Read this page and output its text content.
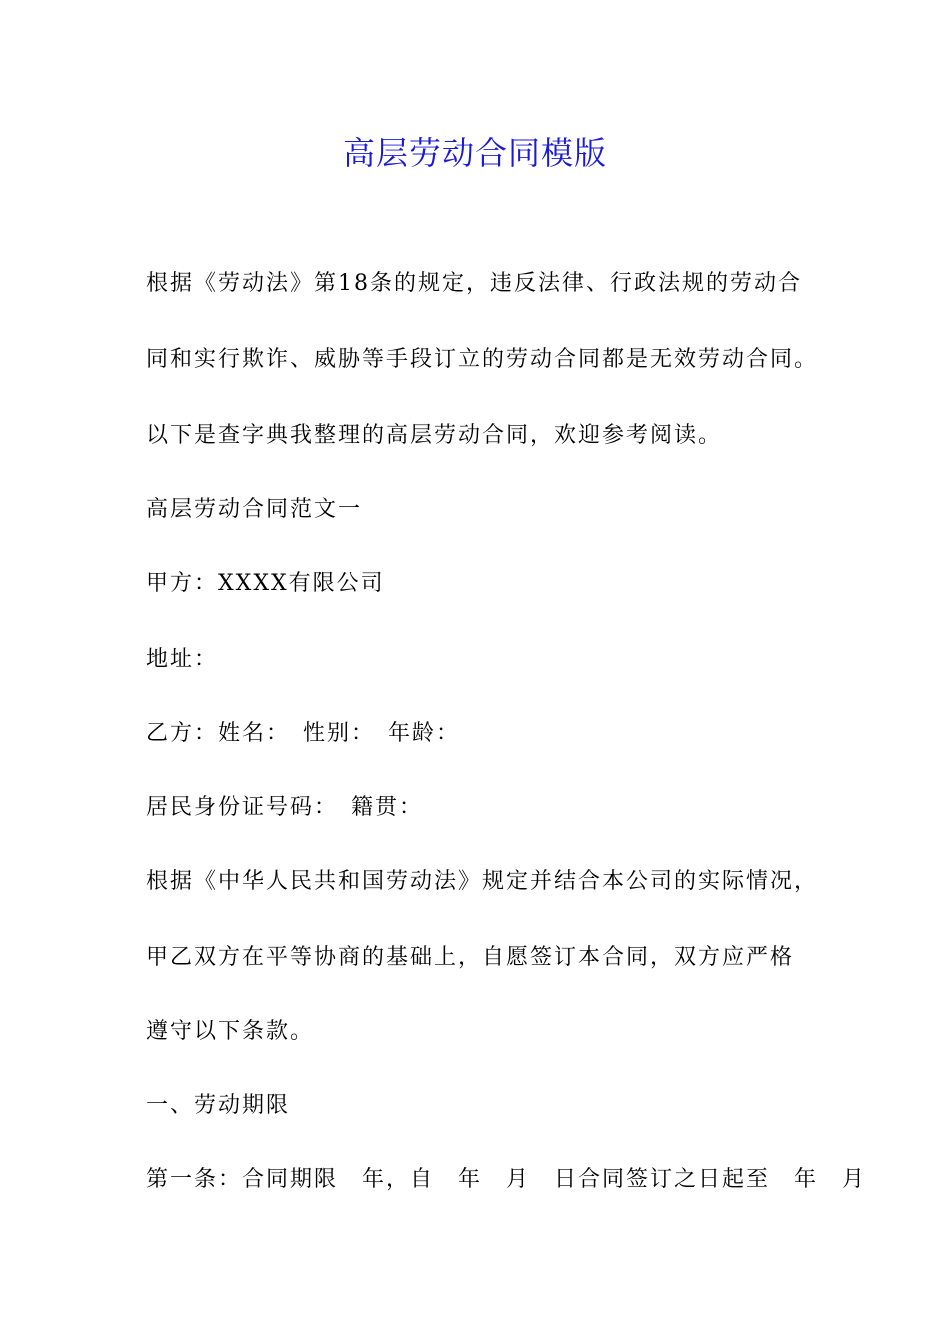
高层劳动合同模版
根据《劳动法》第18条的规定，违反法律、行政法规的劳动合
同和实行欺诈、威胁等手段订立的劳动合同都是无效劳动合同。
以下是查字典我整理的高层劳动合同，欢迎参考阅读。
高层劳动合同范文一
甲方：XXXX有限公司
地址：
乙方：姓名：　性别：　年龄：
居民身份证号码：　籍贯：
根据《中华人民共和国劳动法》规定并结合本公司的实际情况，
甲乙双方在平等协商的基础上，自愿签订本合同，双方应严格
遵守以下条款。
一、劳动期限
第一条：合同期限　年，自　年　月　日合同签订之日起至　年　月
